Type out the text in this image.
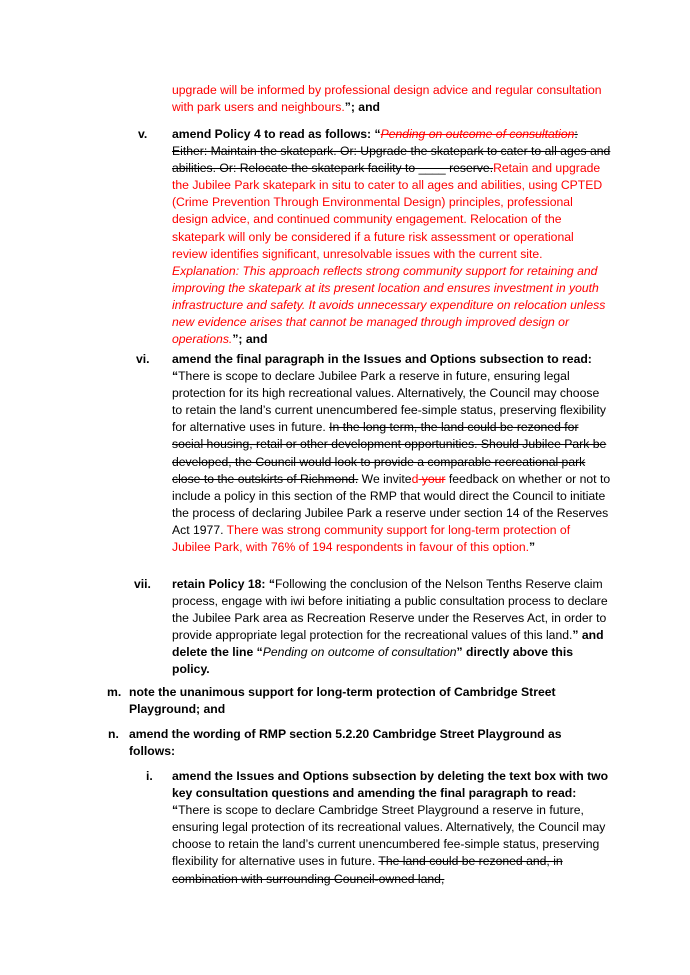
upgrade will be informed by professional design advice and regular consultation with park users and neighbours.”; and
v. amend Policy 4 to read as follows: “Pending on outcome of consultation: Either: Maintain the skatepark. Or: Upgrade the skatepark to cater to all ages and abilities. Or: Relocate the skatepark facility to ____ reserve.Retain and upgrade the Jubilee Park skatepark in situ to cater to all ages and abilities, using CPTED (Crime Prevention Through Environmental Design) principles, professional design advice, and continued community engagement. Relocation of the skatepark will only be considered if a future risk assessment or operational review identifies significant, unresolvable issues with the current site. Explanation: This approach reflects strong community support for retaining and improving the skatepark at its present location and ensures investment in youth infrastructure and safety. It avoids unnecessary expenditure on relocation unless new evidence arises that cannot be managed through improved design or operations.”; and
vi. amend the final paragraph in the Issues and Options subsection to read: “There is scope to declare Jubilee Park a reserve in future, ensuring legal protection for its high recreational values. Alternatively, the Council may choose to retain the land’s current unencumbered fee-simple status, preserving flexibility for alternative uses in future. In the long term, the land could be rezoned for social housing, retail or other development opportunities. Should Jubilee Park be developed, the Council would look to provide a comparable recreational park close to the outskirts of Richmond. We invited your feedback on whether or not to include a policy in this section of the RMP that would direct the Council to initiate the process of declaring Jubilee Park a reserve under section 14 of the Reserves Act 1977. There was strong community support for long-term protection of Jubilee Park, with 76% of 194 respondents in favour of this option.”
vii. retain Policy 18: “Following the conclusion of the Nelson Tenths Reserve claim process, engage with iwi before initiating a public consultation process to declare the Jubilee Park area as Recreation Reserve under the Reserves Act, in order to provide appropriate legal protection for the recreational values of this land.” and delete the line “Pending on outcome of consultation” directly above this policy.
m. note the unanimous support for long-term protection of Cambridge Street Playground; and
n. amend the wording of RMP section 5.2.20 Cambridge Street Playground as follows:
i. amend the Issues and Options subsection by deleting the text box with two key consultation questions and amending the final paragraph to read: “There is scope to declare Cambridge Street Playground a reserve in future, ensuring legal protection of its recreational values. Alternatively, the Council may choose to retain the land’s current unencumbered fee-simple status, preserving flexibility for alternative uses in future. The land could be rezoned and, in combination with surrounding Council-owned land,
